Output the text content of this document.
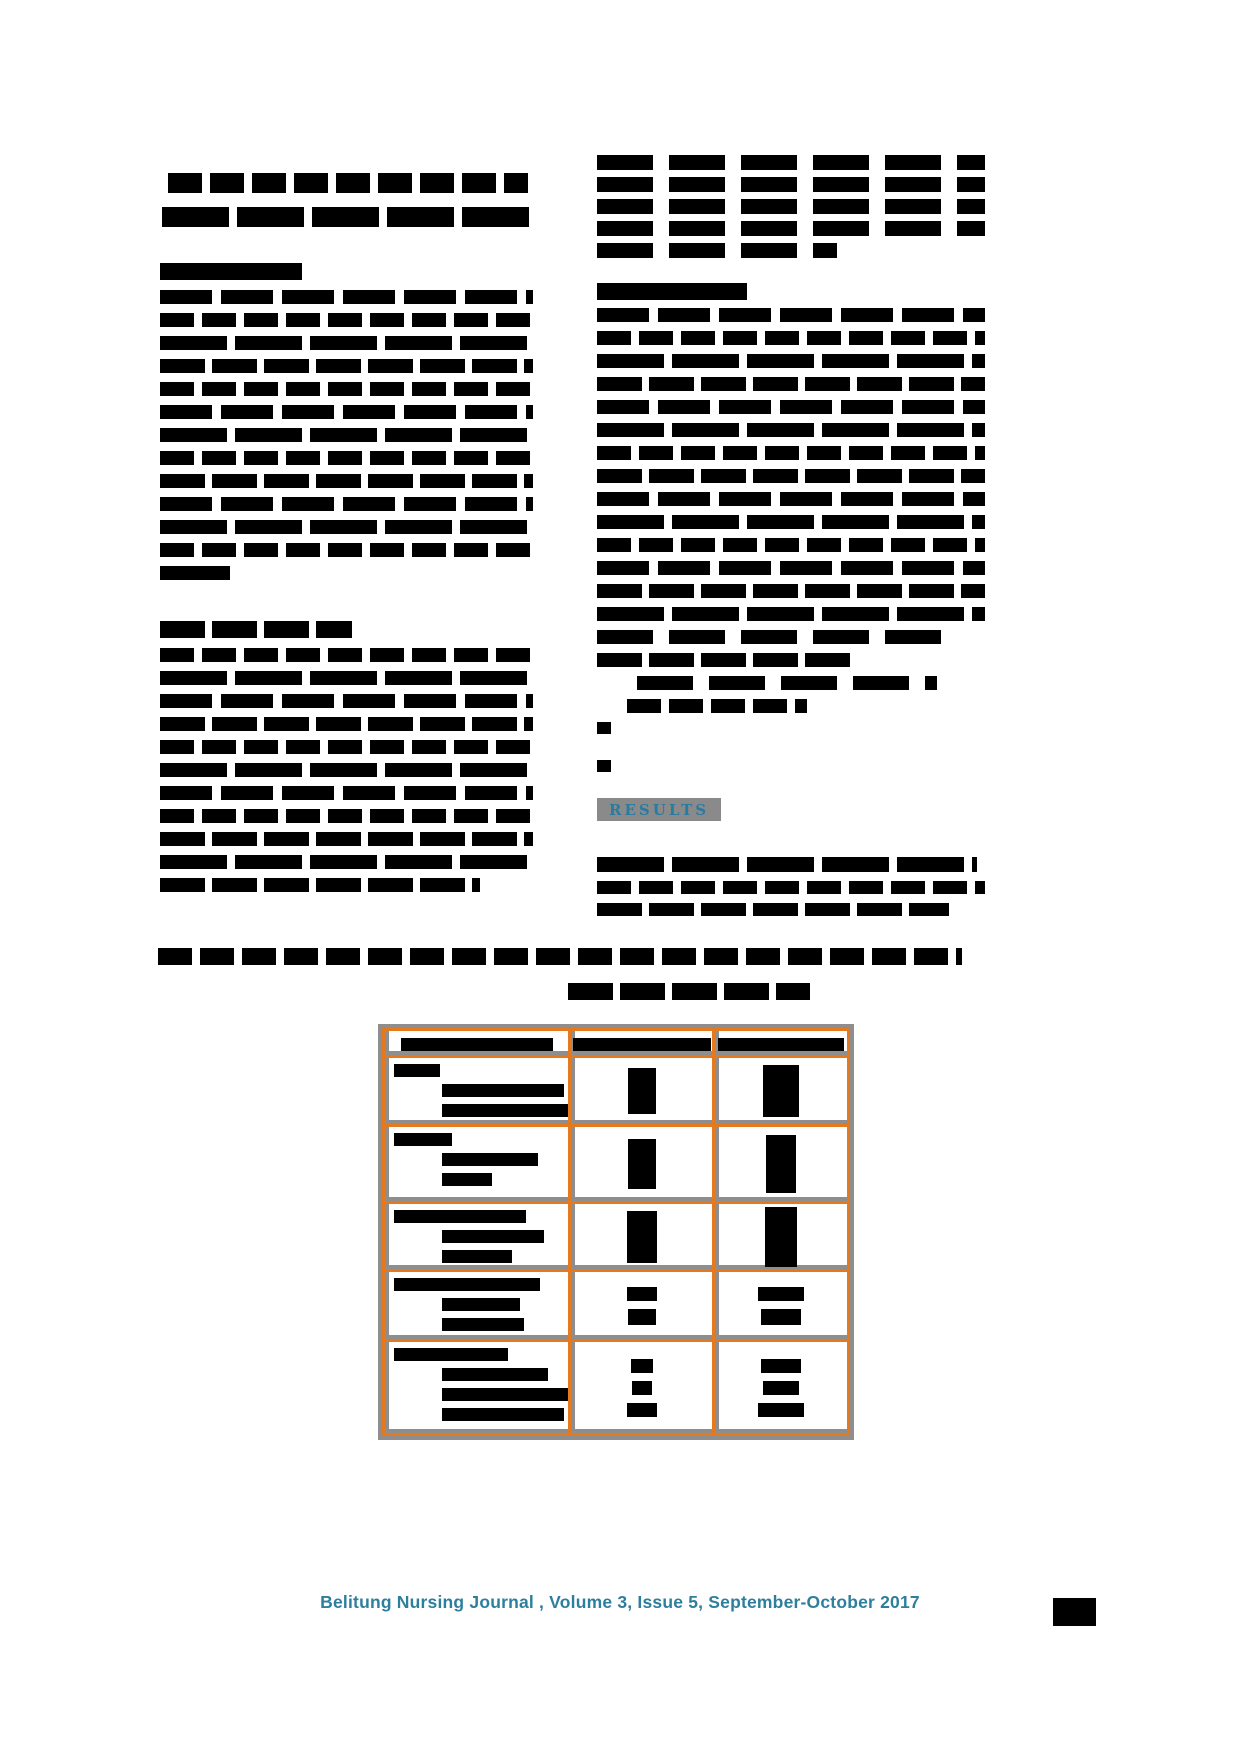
RESULTS
Belitung Nursing Journal , Volume 3, Issue 5, September-October 2017
